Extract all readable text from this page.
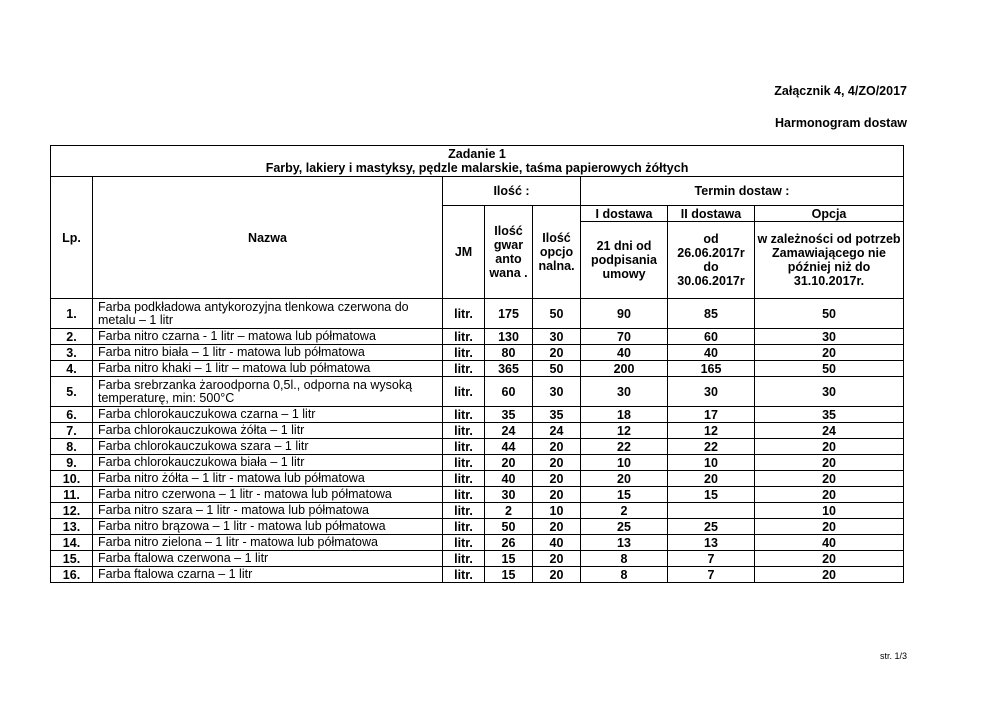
Załącznik 4, 4/ZO/2017
Harmonogram dostaw
Zadanie 1
Farby, lakiery i mastyksy, pędzle malarskie, taśma papierowych żółtych							

Lp.	Nazwa	Ilość :			Termin dostaw :		
		JM	Ilość gwar anto wana .	Ilość opcjo nalna.	I dostawa	II dostawa	Opcja
					21 dni od podpisania umowy	od 26.06.2017r do 30.06.2017r	w zależności od potrzeb Zamawiającego nie później niż do 31.10.2017r.
1.	Farba podkładowa antykorozyjna tlenkowa czerwona do metalu – 1 litr	litr.	175	50	90	85	50
2.	Farba nitro czarna - 1 litr – matowa lub półmatowa	litr.	130	30	70	60	30
3.	Farba nitro biała – 1 litr - matowa lub półmatowa	litr.	80	20	40	40	20
4.	Farba nitro khaki – 1 litr – matowa lub półmatowa	litr.	365	50	200	165	50
5.	Farba srebrzanka żaroodporna 0,5l., odporna na wysoką temperaturę, min: 500°C	litr.	60	30	30	30	30
6.	Farba chlorokauczukowa czarna – 1 litr	litr.	35	35	18	17	35
7.	Farba chlorokauczukowa żółta – 1 litr	litr.	24	24	12	12	24
8.	Farba chlorokauczukowa szara – 1 litr	litr.	44	20	22	22	20
9.	Farba chlorokauczukowa biała – 1 litr	litr.	20	20	10	10	20
10.	Farba nitro żółta – 1 litr - matowa lub półmatowa	litr.	40	20	20	20	20
11.	Farba nitro czerwona – 1 litr - matowa lub półmatowa	litr.	30	20	15	15	20
12.	Farba nitro szara – 1 litr - matowa lub półmatowa	litr.	2	10	2		10
13.	Farba nitro brązowa – 1 litr - matowa lub półmatowa	litr.	50	20	25	25	20
14.	Farba nitro zielona – 1 litr - matowa lub półmatowa	litr.	26	40	13	13	40
15.	Farba ftalowa czerwona – 1 litr	litr.	15	20	8	7	20
16.	Farba ftalowa czarna – 1 litr	litr.	15	20	8	7	20
str. 1/3
